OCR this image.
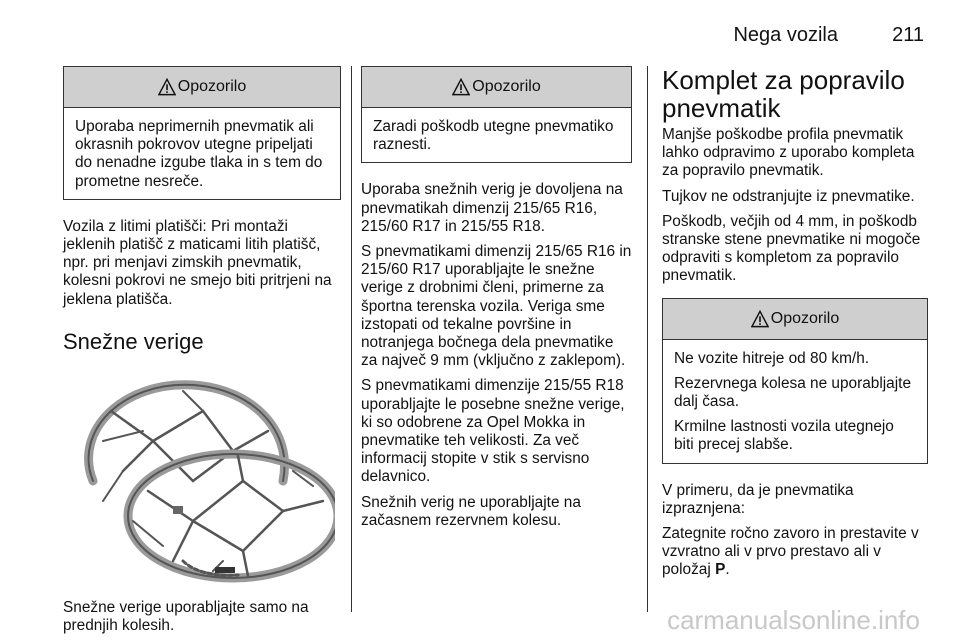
Nega vozila	211
Opozorilo

Uporaba neprimernih pnevmatik ali okrasnih pokrovov utegne pripeljati do nenadne izgube tlaka in s tem do prometne nesreče.

Vozila z litimi platišči: Pri montaži jeklenih platišč z maticami litih platišč, npr. pri menjavi zimskih pnevmatik, kolesni pokrovi ne smejo biti pritrjeni na jeklena platišča.

Snežne verige

Snežne verige uporabljajte samo na prednjih kolesih.

Opozorilo

Zaradi poškodb utegne pnevmatiko raznesti.

Uporaba snežnih verig je dovoljena na pnevmatikah dimenzij 215/65 R16, 215/60 R17 in 215/55 R18.

S pnevmatikami dimenzij 215/65 R16 in 215/60 R17 uporabljajte le snežne verige z drobnimi členi, primerne za športna terenska vozila. Veriga sme izstopati od tekalne površine in notranjega bočnega dela pnevmatike za največ 9 mm (vključno z zaklepom).

S pnevmatikami dimenzije 215/55 R18 uporabljajte le posebne snežne verige, ki so odobrene za Opel Mokka in pnevmatike teh velikosti. Za več informacij stopite v stik s servisno delavnico.

Snežnih verig ne uporabljajte na začasnem rezervnem kolesu.

Komplet za popravilo pnevmatik

Manjše poškodbe profila pnevmatik lahko odpravimo z uporabo kompleta za popravilo pnevmatik.

Tujkov ne odstranjujte iz pnevmatike.

Poškodb, večjih od 4 mm, in poškodb stranske stene pnevmatike ni mogoče odpraviti s kompletom za popravilo pnevmatik.

Opozorilo

Ne vozite hitreje od 80 km/h.

Rezervnega kolesa ne uporabljajte dalj časa.

Krmilne lastnosti vozila utegnejo biti precej slabše.

V primeru, da je pnevmatika izpraznjena:

Zategnite ročno zavoro in prestavite v vzvratno ali v prvo prestavo ali v položaj P.

carmanualsonline.info
